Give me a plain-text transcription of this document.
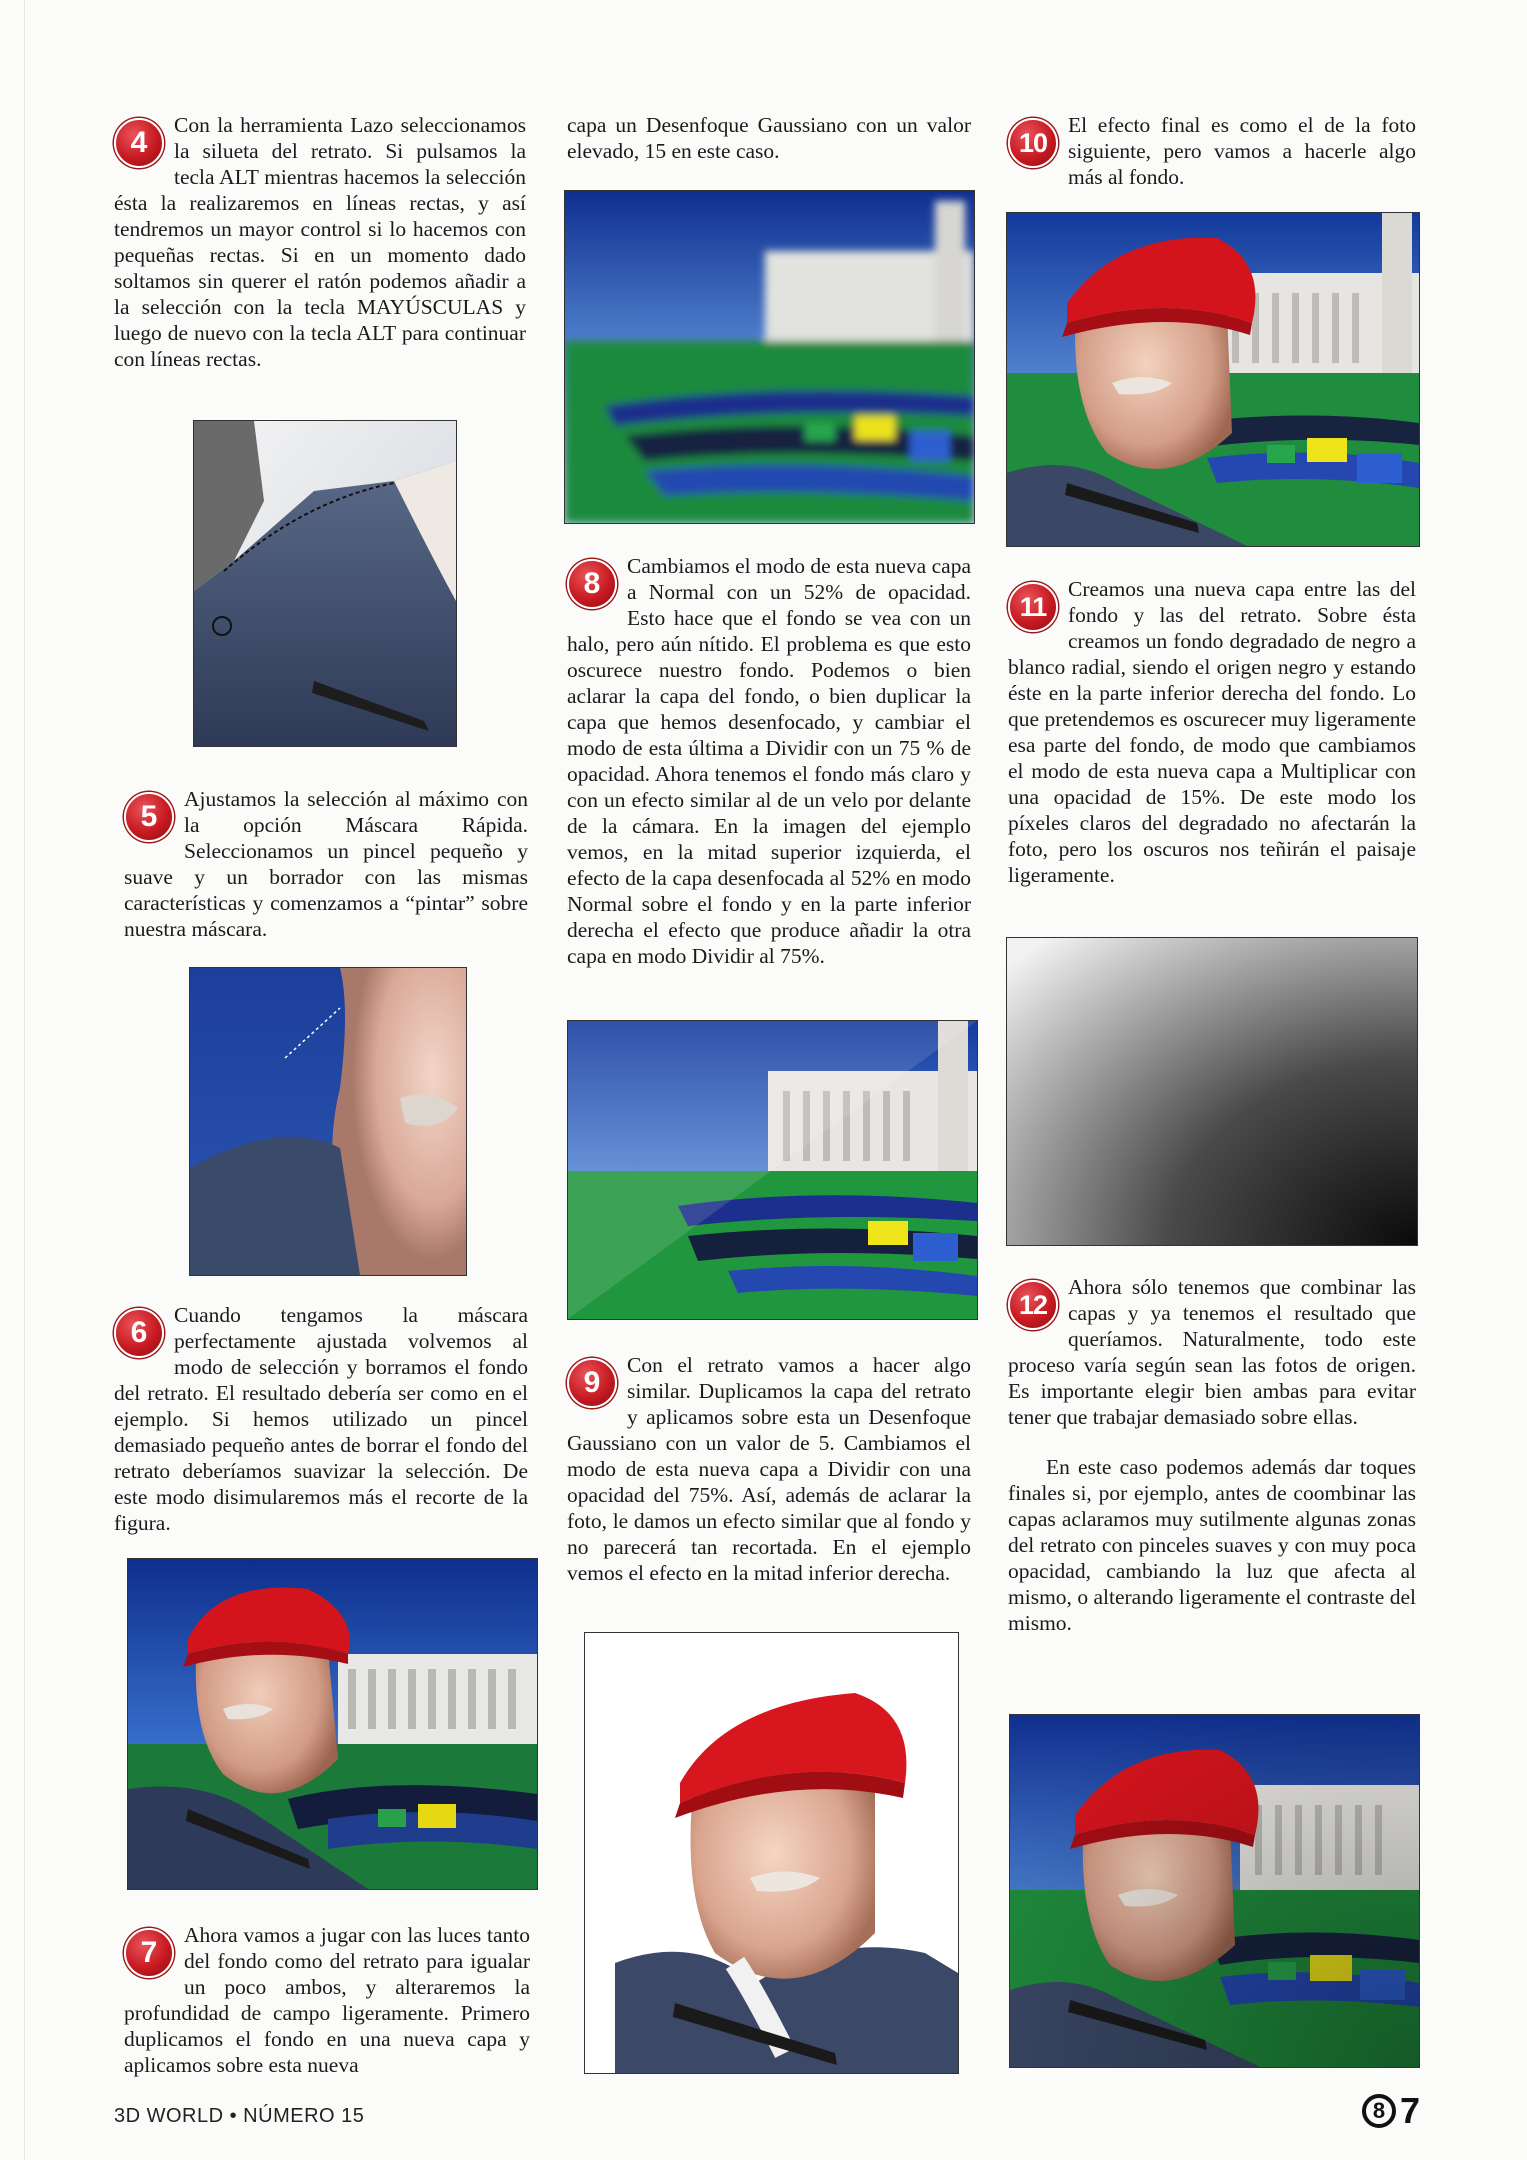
4

Con la herramienta Lazo seleccionamos la silueta del retrato. Si pulsamos la tecla ALT mientras hacemos la selección ésta la realizaremos en líneas rectas, y así tendremos un mayor control si lo hacemos con pequeñas rectas. Si en un momento dado soltamos sin querer el ratón podemos añadir a la selección con la tecla MAYÚSCULAS y luego de nuevo con la tecla ALT para continuar con líneas rectas.

5

Ajustamos la selección al máximo con la opción Máscara Rápida. Seleccionamos un pincel pequeño y suave y un borrador con las mismas características y comenzamos a “pintar” sobre nuestra máscara.

6

Cuando tengamos la máscara perfectamente ajustada volvemos al modo de selección y borramos el fondo del retrato. El resultado debería ser como en el ejemplo. Si hemos utilizado un pincel demasiado pequeño antes de borrar el fondo del retrato deberíamos suavizar la selección. De este modo disimularemos más el recorte de la figura.

7

Ahora vamos a jugar con las luces tanto del fondo como del retrato para igualar un poco ambos, y alteraremos la profundidad de campo ligeramente. Primero duplicamos el fondo en una nueva capa y aplicamos sobre esta nueva

capa un Desenfoque Gaussiano con un valor elevado, 15 en este caso.

8

Cambiamos el modo de esta nueva capa a Normal con un 52% de opacidad. Esto hace que el fondo se vea con un halo, pero aún nítido. El problema es que esto oscurece nuestro fondo. Podemos o bien aclarar la capa del fondo, o bien duplicar la capa que hemos desenfocado, y cambiar el modo de esta última a Dividir con un 75 % de opacidad. Ahora tenemos el fondo más claro y con un efecto similar al de un velo por delante de la cámara. En la imagen del ejemplo vemos, en la mitad superior izquierda, el efecto de la capa desenfocada al 52% en modo Normal sobre el fondo y en la parte inferior derecha el efecto que produce añadir la otra capa en modo Dividir al 75%.

9

Con el retrato vamos a hacer algo similar. Duplicamos la capa del retrato y aplicamos sobre esta un Desenfoque Gaussiano con un valor de 5. Cambiamos el modo de esta nueva capa a Dividir con una opacidad del 75%. Así, además de aclarar la foto, le damos un efecto similar que al fondo y no parecerá tan recortada. En el ejemplo vemos el efecto en la mitad inferior derecha.

10

El efecto final es como el de la foto siguiente, pero vamos a hacerle algo más al fondo.

11

Creamos una nueva capa entre las del fondo y las del retrato. Sobre ésta creamos un fondo degradado de negro a blanco radial, siendo el origen negro y estando éste en la parte inferior derecha del fondo. Lo que pretendemos es oscurecer muy ligeramente esa parte del fondo, de modo que cambiamos el modo de esta nueva capa a Multiplicar con una opacidad de 15%. De este modo los píxeles claros del degradado no afectarán la foto, pero los oscuros nos teñirán el paisaje ligeramente.

12

Ahora sólo tenemos que combinar las capas y ya tenemos el resultado que queríamos. Naturalmente, todo este proceso varía según sean las fotos de origen. Es importante elegir bien ambas para evitar tener que trabajar demasiado sobre ellas.

En este caso podemos además dar toques finales si, por ejemplo, antes de coombinar las capas aclaramos muy sutilmente algunas zonas del retrato con pinceles suaves y con muy poca opacidad, cambiando la luz que afecta al mismo, o alterando ligeramente el contraste del mismo.

3D WORLD • NÚMERO 15	8 7
